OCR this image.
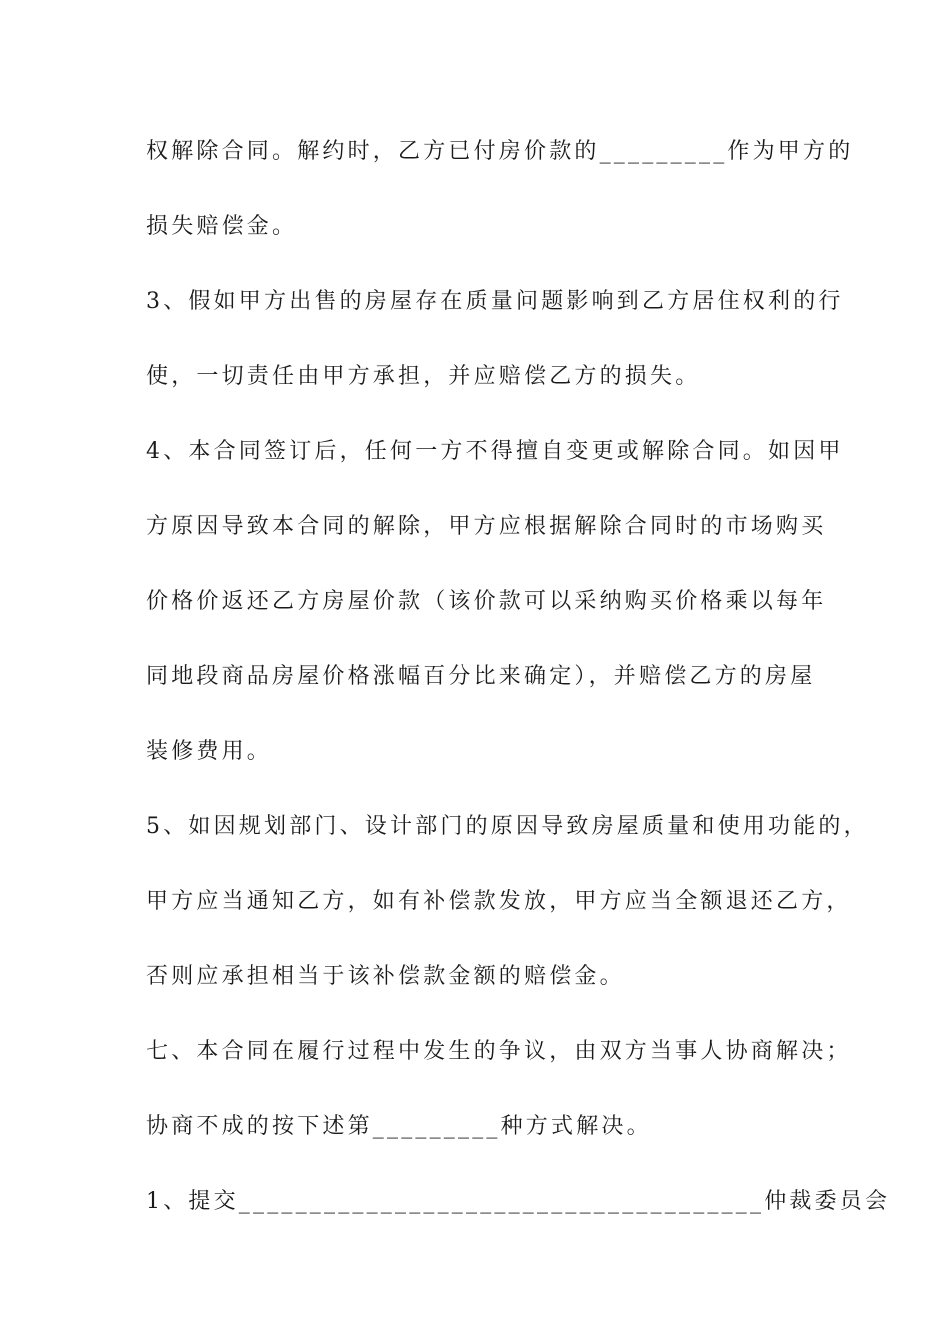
权解除合同。解约时，乙方已付房价款的_________作为甲方的
损失赔偿金。
3、假如甲方出售的房屋存在质量问题影响到乙方居住权利的行
使，一切责任由甲方承担，并应赔偿乙方的损失。
4、本合同签订后，任何一方不得擅自变更或解除合同。如因甲
方原因导致本合同的解除，甲方应根据解除合同时的市场购买
价格价返还乙方房屋价款（该价款可以采纳购买价格乘以每年
同地段商品房屋价格涨幅百分比来确定），并赔偿乙方的房屋
装修费用。
5、如因规划部门、设计部门的原因导致房屋质量和使用功能的，
甲方应当通知乙方，如有补偿款发放，甲方应当全额退还乙方，
否则应承担相当于该补偿款金额的赔偿金。
七、本合同在履行过程中发生的争议，由双方当事人协商解决；
协商不成的按下述第_________种方式解决。
1、提交_____________________________________仲裁委员会
